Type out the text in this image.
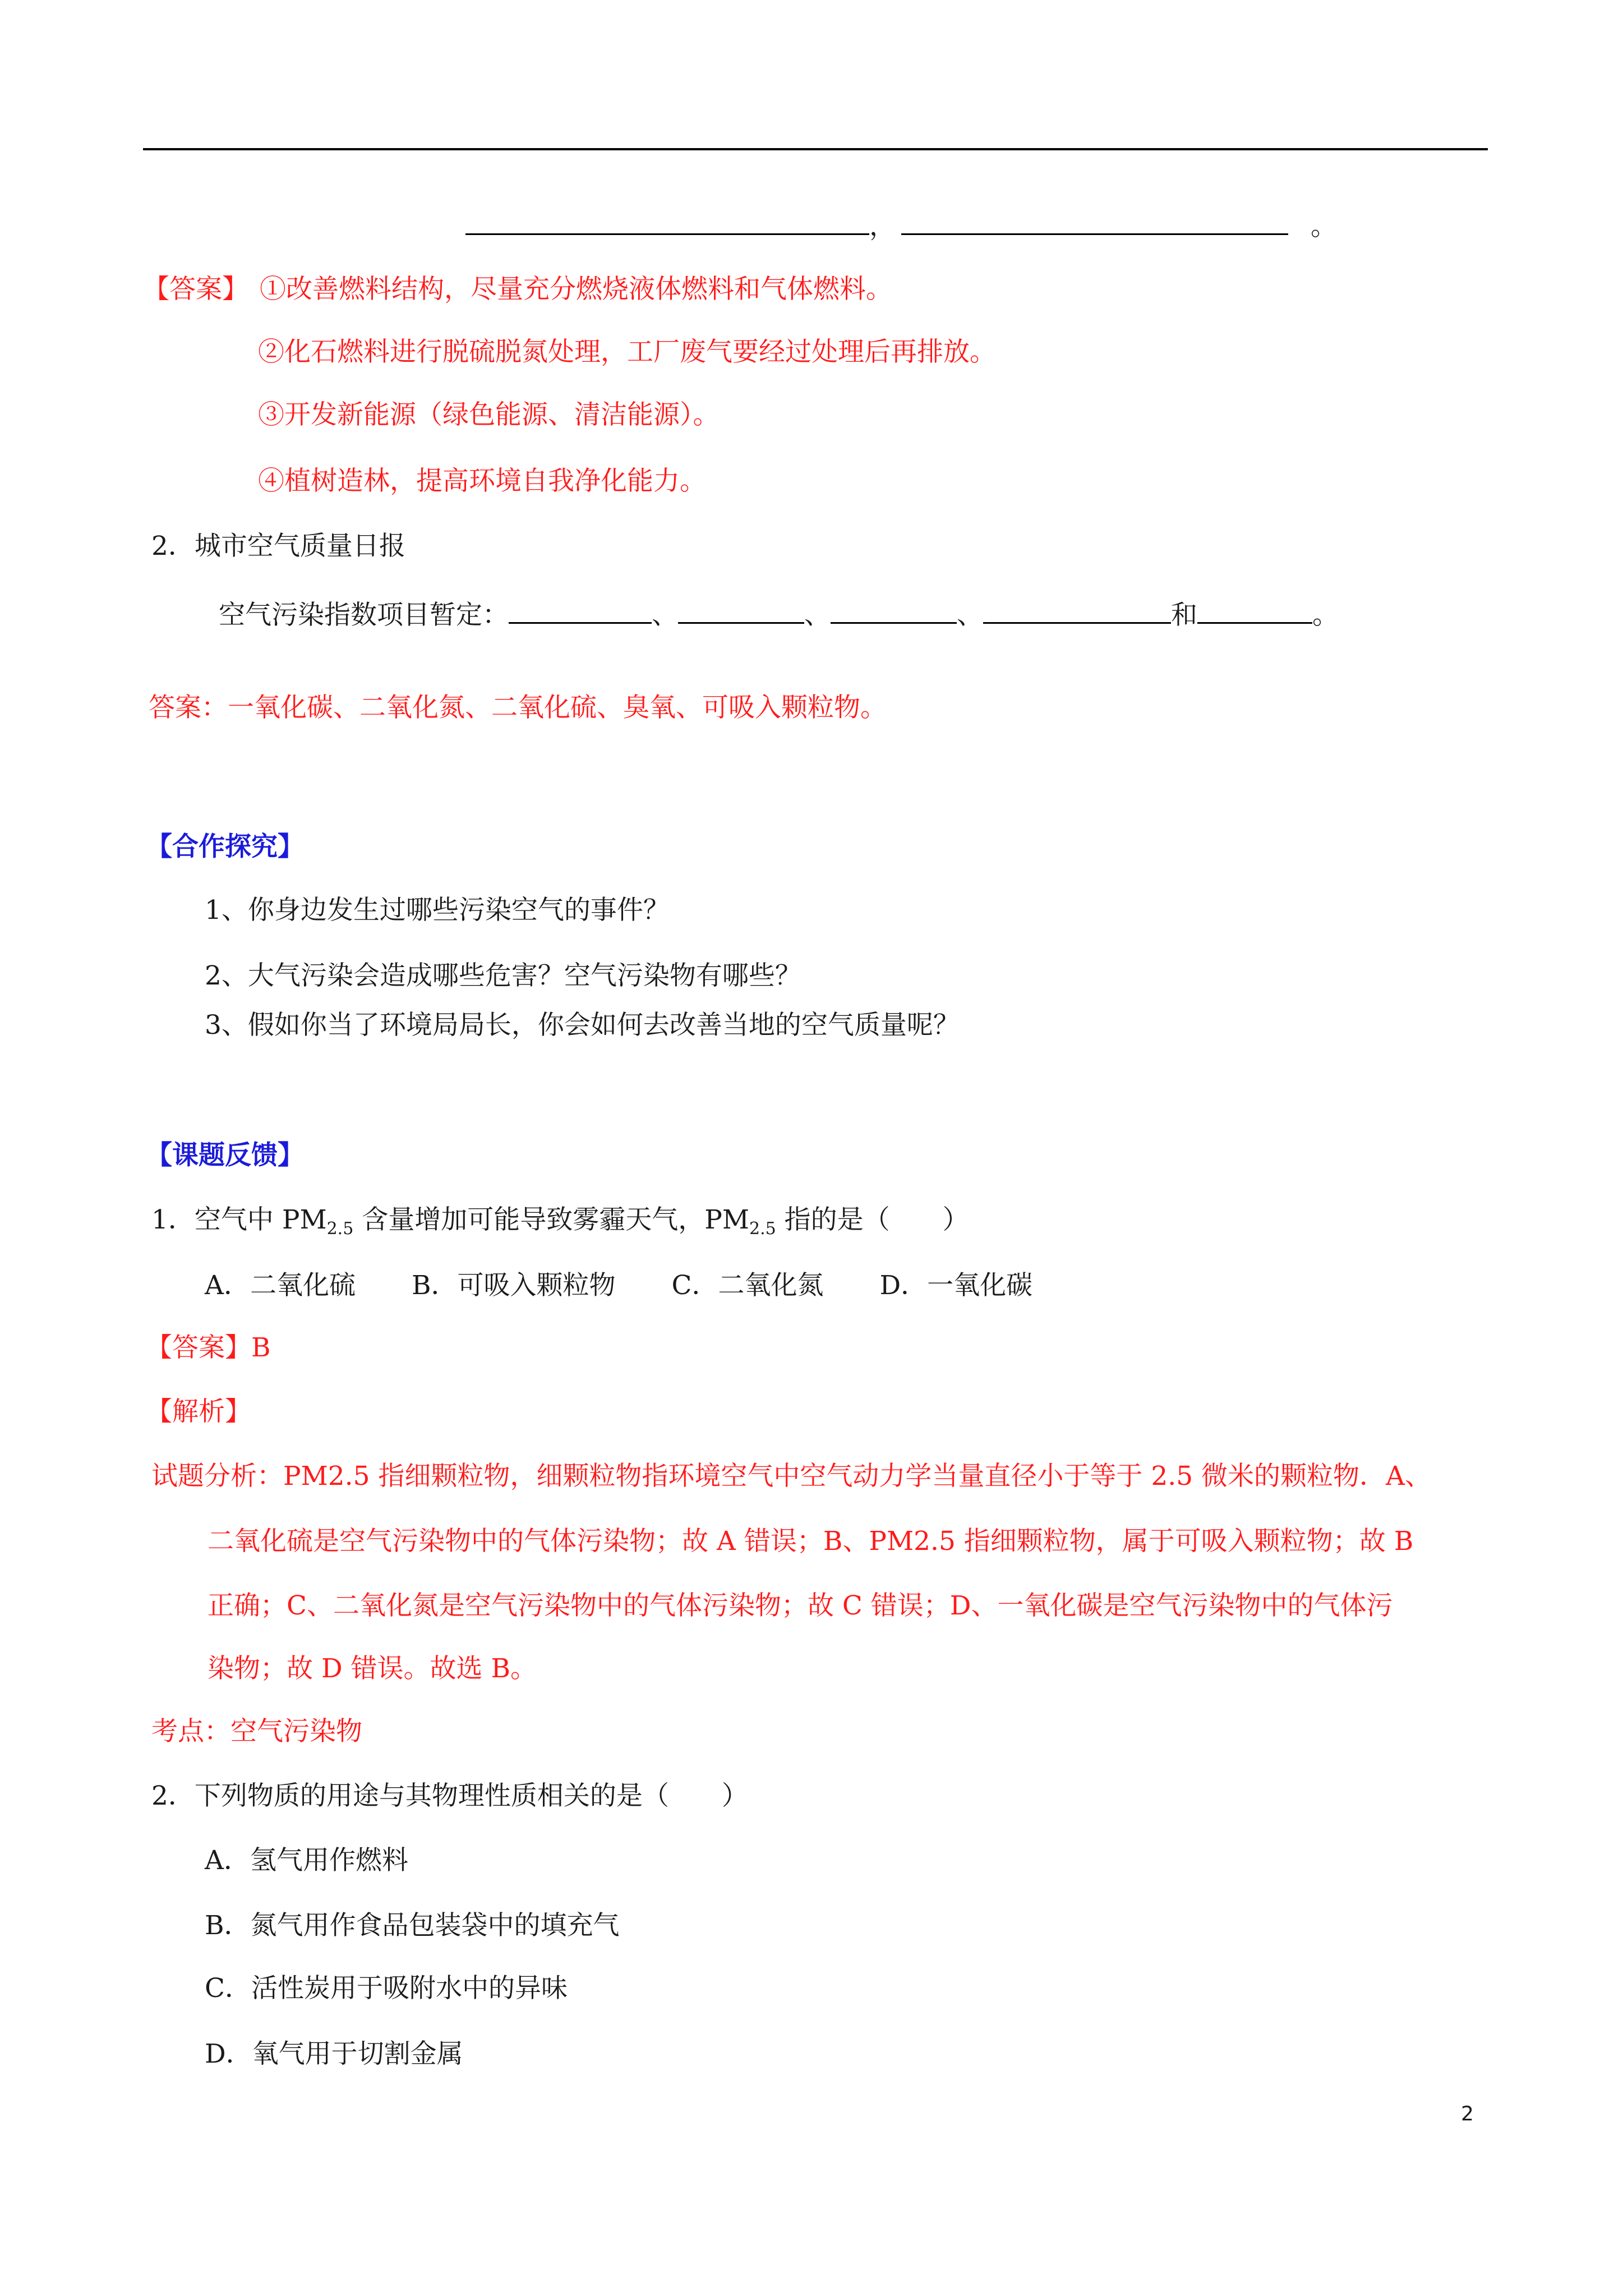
，	。
【答案】 ①改善燃料结构，尽量充分燃烧液体燃料和气体燃料。
②化石燃料进行脱硫脱氮处理，工厂废气要经过处理后再排放。
③开发新能源（绿色能源、清洁能源）。
④植树造林，提高环境自我净化能力。
2．城市空气质量日报
空气污染指数项目暂定：	、	、	、	和	。
答案：一氧化碳、二氧化氮、二氧化硫、臭氧、可吸入颗粒物。
【合作探究】
1、你身边发生过哪些污染空气的事件？
2、大气污染会造成哪些危害？空气污染物有哪些？
3、假如你当了环境局局长，你会如何去改善当地的空气质量呢？
【课题反馈】
1．空气中 $PM_{2.5}$ 含量增加可能导致雾霾天气，$PM_{2.5}$ 指的是（　　）
A．二氧化硫 B．可吸入颗粒物 C．二氧化氮 D．一氧化碳
【答案】B
【解析】
试题分析：PM2.5 指细颗粒物，细颗粒物指环境空气中空气动力学当量直径小于等于 2.5 微米的颗粒物．A、
二氧化硫是空气污染物中的气体污染物；故 A 错误；B、PM2.5 指细颗粒物，属于可吸入颗粒物；故 B
正确；C、二氧化氮是空气污染物中的气体污染物；故 C 错误；D、一氧化碳是空气污染物中的气体污
染物；故 D 错误。故选 B。
考点：空气污染物
2．下列物质的用途与其物理性质相关的是（　　）
A．氢气用作燃料
B．氮气用作食品包装袋中的填充气
C．活性炭用于吸附水中的异味
D．氧气用于切割金属
2
